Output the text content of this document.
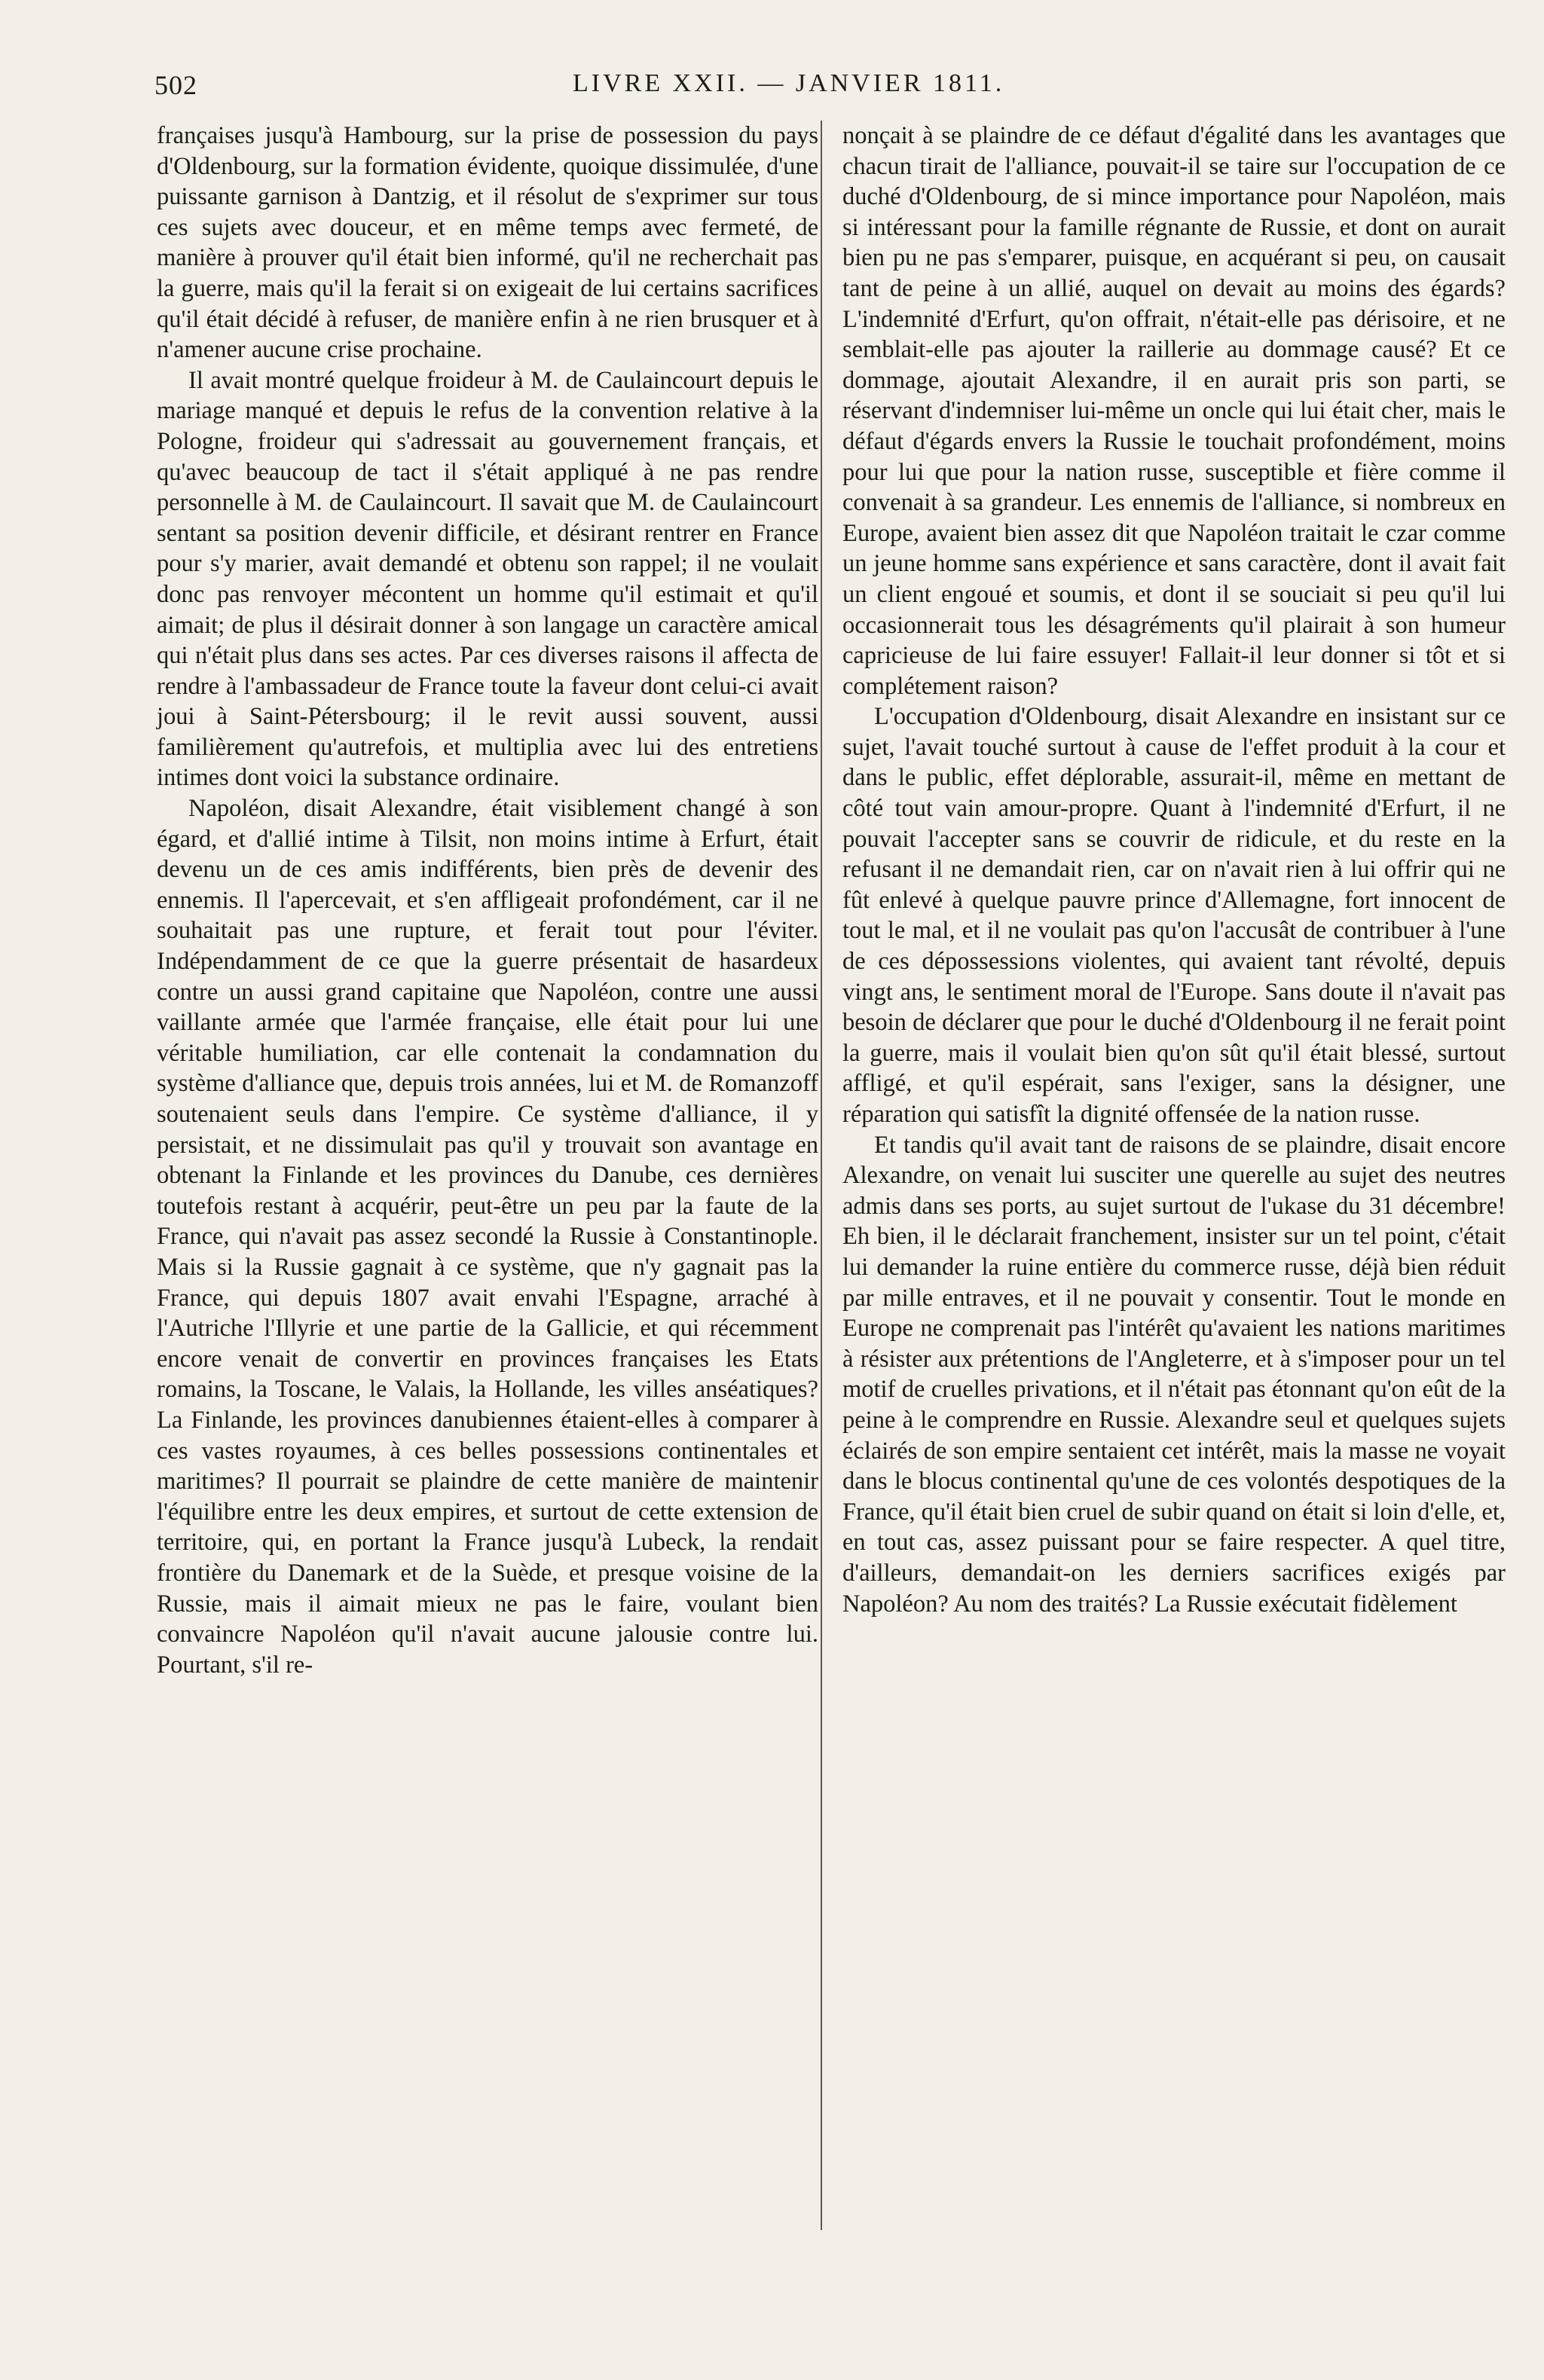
502	LIVRE XXII. — JANVIER 1811.

françaises jusqu'à Hambourg, sur la prise de possession du pays d'Oldenbourg, sur la formation évidente, quoique dissimulée, d'une puissante garnison à Dantzig, et il résolut de s'exprimer sur tous ces sujets avec douceur, et en même temps avec fermeté, de manière à prouver qu'il était bien informé, qu'il ne recherchait pas la guerre, mais qu'il la ferait si on exigeait de lui certains sacrifices qu'il était décidé à refuser, de manière enfin à ne rien brusquer et à n'amener aucune crise prochaine.

Il avait montré quelque froideur à M. de Caulaincourt depuis le mariage manqué et depuis le refus de la convention relative à la Pologne, froideur qui s'adressait au gouvernement français, et qu'avec beaucoup de tact il s'était appliqué à ne pas rendre personnelle à M. de Caulaincourt. Il savait que M. de Caulaincourt sentant sa position devenir difficile, et désirant rentrer en France pour s'y marier, avait demandé et obtenu son rappel; il ne voulait donc pas renvoyer mécontent un homme qu'il estimait et qu'il aimait; de plus il désirait donner à son langage un caractère amical qui n'était plus dans ses actes. Par ces diverses raisons il affecta de rendre à l'ambassadeur de France toute la faveur dont celui-ci avait joui à Saint-Pétersbourg; il le revit aussi souvent, aussi familièrement qu'autrefois, et multiplia avec lui des entretiens intimes dont voici la substance ordinaire.

Napoléon, disait Alexandre, était visiblement changé à son égard, et d'allié intime à Tilsit, non moins intime à Erfurt, était devenu un de ces amis indifférents, bien près de devenir des ennemis. Il l'apercevait, et s'en affligeait profondément, car il ne souhaitait pas une rupture, et ferait tout pour l'éviter. Indépendamment de ce que la guerre présentait de hasardeux contre un aussi grand capitaine que Napoléon, contre une aussi vaillante armée que l'armée française, elle était pour lui une véritable humiliation, car elle contenait la condamnation du système d'alliance que, depuis trois années, lui et M. de Romanzoff soutenaient seuls dans l'empire. Ce système d'alliance, il y persistait, et ne dissimulait pas qu'il y trouvait son avantage en obtenant la Finlande et les provinces du Danube, ces dernières toutefois restant à acquérir, peut-être un peu par la faute de la France, qui n'avait pas assez secondé la Russie à Constantinople. Mais si la Russie gagnait à ce système, que n'y gagnait pas la France, qui depuis 1807 avait envahi l'Espagne, arraché à l'Autriche l'Illyrie et une partie de la Gallicie, et qui récemment encore venait de convertir en provinces françaises les Etats romains, la Toscane, le Valais, la Hollande, les villes anséatiques? La Finlande, les provinces danubiennes étaient-elles à comparer à ces vastes royaumes, à ces belles possessions continentales et maritimes? Il pourrait se plaindre de cette manière de maintenir l'équilibre entre les deux empires, et surtout de cette extension de territoire, qui, en portant la France jusqu'à Lubeck, la rendait frontière du Danemark et de la Suède, et presque voisine de la Russie, mais il aimait mieux ne pas le faire, voulant bien convaincre Napoléon qu'il n'avait aucune jalousie contre lui. Pourtant, s'il re-

nonçait à se plaindre de ce défaut d'égalité dans les avantages que chacun tirait de l'alliance, pouvait-il se taire sur l'occupation de ce duché d'Oldenbourg, de si mince importance pour Napoléon, mais si intéressant pour la famille régnante de Russie, et dont on aurait bien pu ne pas s'emparer, puisque, en acquérant si peu, on causait tant de peine à un allié, auquel on devait au moins des égards? L'indemnité d'Erfurt, qu'on offrait, n'était-elle pas dérisoire, et ne semblait-elle pas ajouter la raillerie au dommage causé? Et ce dommage, ajoutait Alexandre, il en aurait pris son parti, se réservant d'indemniser lui-même un oncle qui lui était cher, mais le défaut d'égards envers la Russie le touchait profondément, moins pour lui que pour la nation russe, susceptible et fière comme il convenait à sa grandeur. Les ennemis de l'alliance, si nombreux en Europe, avaient bien assez dit que Napoléon traitait le czar comme un jeune homme sans expérience et sans caractère, dont il avait fait un client engoué et soumis, et dont il se souciait si peu qu'il lui occasionnerait tous les désagréments qu'il plairait à son humeur capricieuse de lui faire essuyer! Fallait-il leur donner si tôt et si complétement raison?

L'occupation d'Oldenbourg, disait Alexandre en insistant sur ce sujet, l'avait touché surtout à cause de l'effet produit à la cour et dans le public, effet déplorable, assurait-il, même en mettant de côté tout vain amour-propre. Quant à l'indemnité d'Erfurt, il ne pouvait l'accepter sans se couvrir de ridicule, et du reste en la refusant il ne demandait rien, car on n'avait rien à lui offrir qui ne fût enlevé à quelque pauvre prince d'Allemagne, fort innocent de tout le mal, et il ne voulait pas qu'on l'accusât de contribuer à l'une de ces dépossessions violentes, qui avaient tant révolté, depuis vingt ans, le sentiment moral de l'Europe. Sans doute il n'avait pas besoin de déclarer que pour le duché d'Oldenbourg il ne ferait point la guerre, mais il voulait bien qu'on sût qu'il était blessé, surtout affligé, et qu'il espérait, sans l'exiger, sans la désigner, une réparation qui satisfît la dignité offensée de la nation russe.

Et tandis qu'il avait tant de raisons de se plaindre, disait encore Alexandre, on venait lui susciter une querelle au sujet des neutres admis dans ses ports, au sujet surtout de l'ukase du 31 décembre! Eh bien, il le déclarait franchement, insister sur un tel point, c'était lui demander la ruine entière du commerce russe, déjà bien réduit par mille entraves, et il ne pouvait y consentir. Tout le monde en Europe ne comprenait pas l'intérêt qu'avaient les nations maritimes à résister aux prétentions de l'Angleterre, et à s'imposer pour un tel motif de cruelles privations, et il n'était pas étonnant qu'on eût de la peine à le comprendre en Russie. Alexandre seul et quelques sujets éclairés de son empire sentaient cet intérêt, mais la masse ne voyait dans le blocus continental qu'une de ces volontés despotiques de la France, qu'il était bien cruel de subir quand on était si loin d'elle, et, en tout cas, assez puissant pour se faire respecter. A quel titre, d'ailleurs, demandait-on les derniers sacrifices exigés par Napoléon? Au nom des traités? La Russie exécutait fidèlement
